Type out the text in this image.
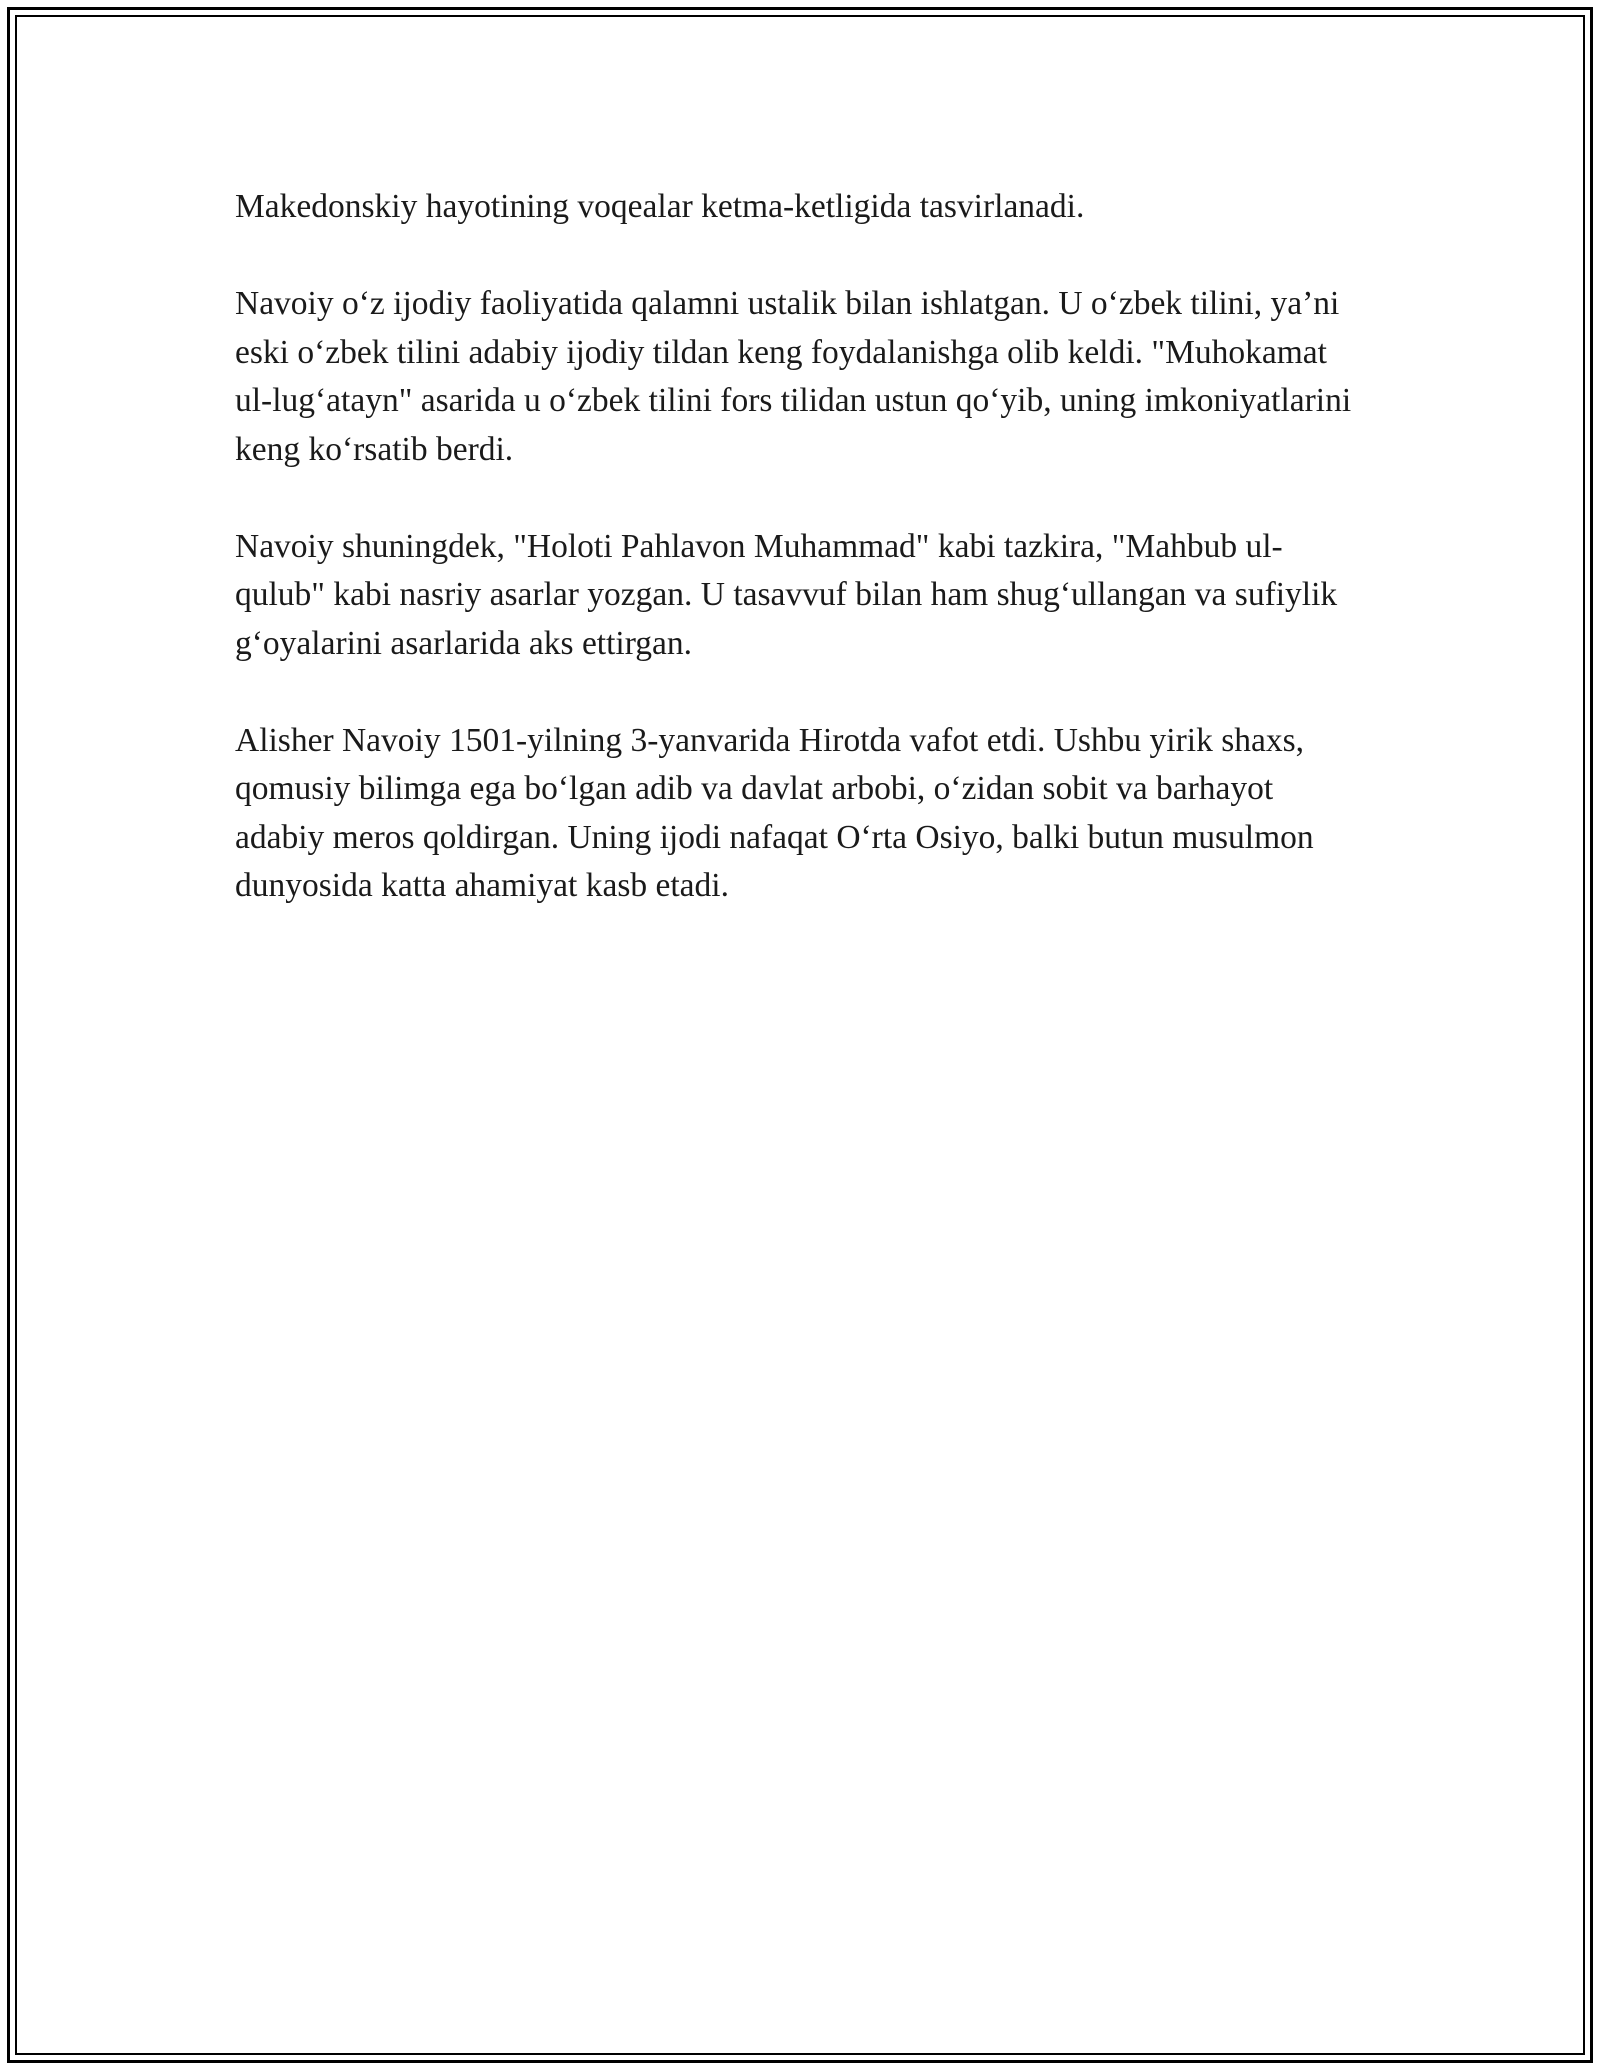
Makedonskiy hayotining voqealar ketma-ketligida tasvirlanadi.

Navoiy o‘z ijodiy faoliyatida qalamni ustalik bilan ishlatgan. U o‘zbek tilini, ya’ni eski o‘zbek tilini adabiy ijodiy tildan keng foydalanishga olib keldi. "Muhokamat ul-lug‘atayn" asarida u o‘zbek tilini fors tilidan ustun qo‘yib, uning imkoniyatlarini keng ko‘rsatib berdi.

Navoiy shuningdek, "Holoti Pahlavon Muhammad" kabi tazkira, "Mahbub ul-qulub" kabi nasriy asarlar yozgan. U tasavvuf bilan ham shug‘ullangan va sufiylik g‘oyalarini asarlarida aks ettirgan.

Alisher Navoiy 1501-yilning 3-yanvarida Hirotda vafot etdi. Ushbu yirik shaxs, qomusiy bilimga ega bo‘lgan adib va davlat arbobi, o‘zidan sobit va barhayot adabiy meros qoldirgan. Uning ijodi nafaqat O‘rta Osiyo, balki butun musulmon dunyosida katta ahamiyat kasb etadi.
